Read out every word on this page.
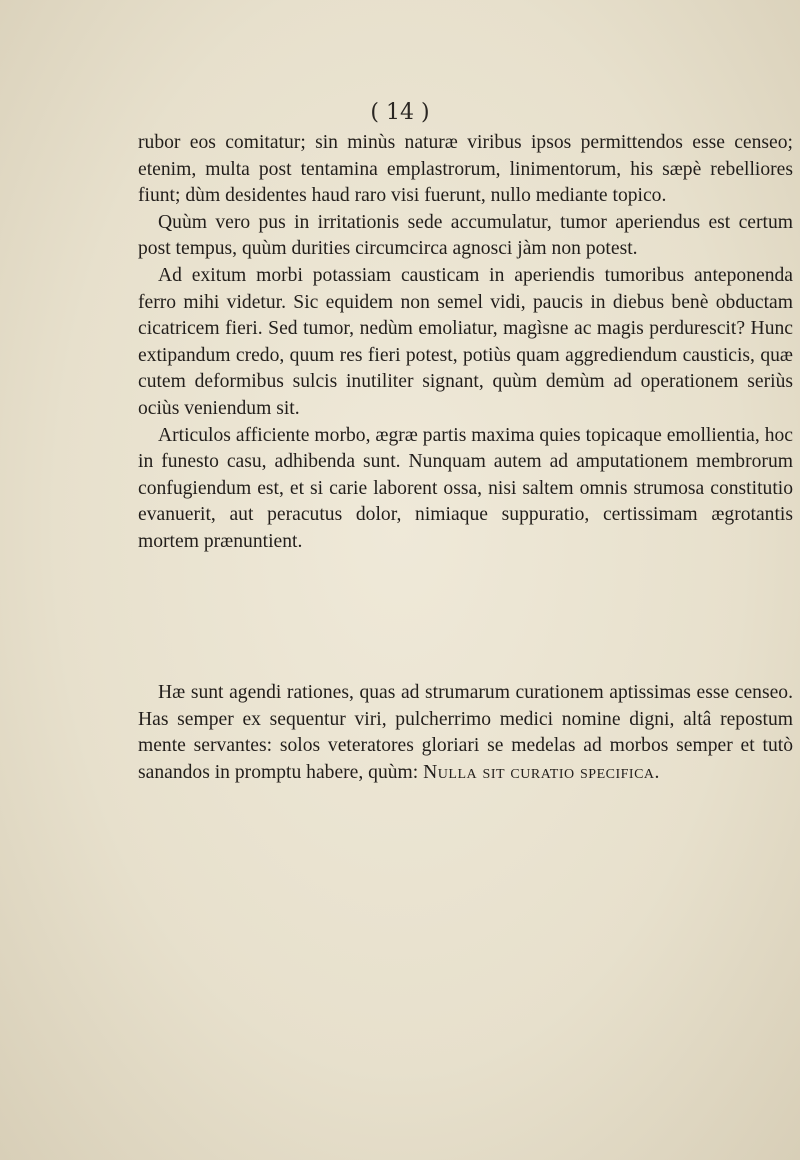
( 14 )

rubor eos comitatur; sin minùs naturæ viribus ipsos permittendos esse censeo; etenim, multa post tentamina emplastrorum, linimentorum, his sæpè rebelliores fiunt; dùm desidentes haud raro visi fuerunt, nullo mediante topico.

Quùm vero pus in irritationis sede accumulatur, tumor aperiendus est certum post tempus, quùm durities circumcirca agnosci jàm non potest.

Ad exitum morbi potassiam causticam in aperiendis tumoribus anteponenda ferro mihi videtur. Sic equidem non semel vidi, paucis in diebus benè obductam cicatricem fieri. Sed tumor, nedùm emoliatur, magìsne ac magis perdurescit? Hunc extipandum credo, quum res fieri potest, potiùs quam aggrediendum causticis, quæ cutem deformibus sulcis inutiliter signant, quùm demùm ad operationem seriùs ociùs veniendum sit.

Articulos afficiente morbo, ægræ partis maxima quies topicaque emollientia, hoc in funesto casu, adhibenda sunt. Nunquam autem ad amputationem membrorum confugiendum est, et si carie laborent ossa, nisi saltem omnis strumosa constitutio evanuerit, aut peracutus dolor, nimiaque suppuratio, certissimam ægrotantis mortem prænuntient.

Hæ sunt agendi rationes, quas ad strumarum curationem aptissimas esse censeo. Has semper ex sequentur viri, pulcherrimo medici nomine digni, altâ repostum mente servantes: solos veteratores gloriari se medelas ad morbos semper et tutò sanandos in promptu habere, quùm: Nulla sit curatio specifica.
